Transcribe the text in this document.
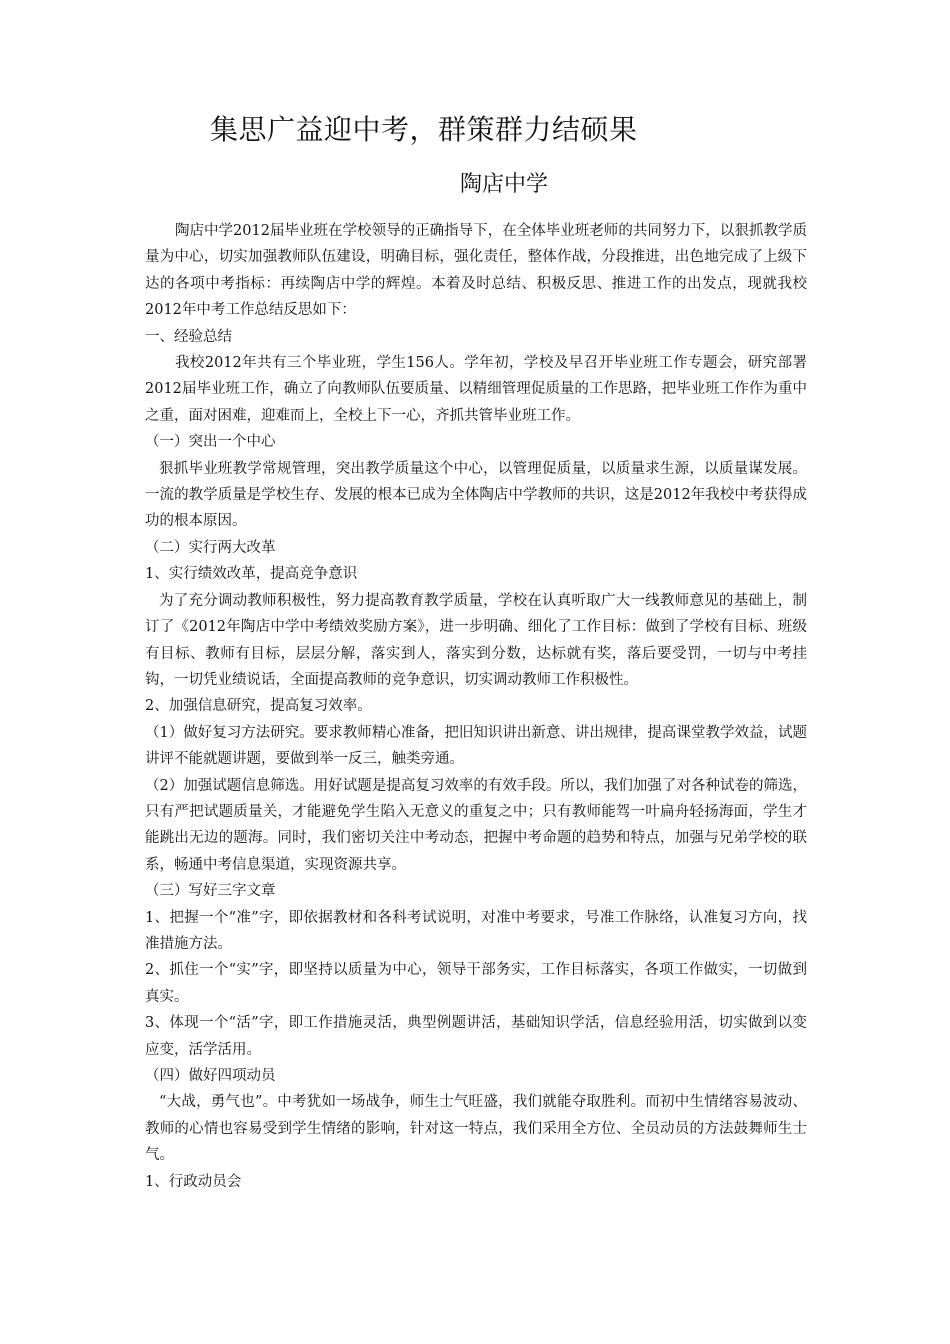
集思广益迎中考，群策群力结硕果
陶店中学

陶店中学2012届毕业班在学校领导的正确指导下，在全体毕业班老师的共同努力下，以狠抓教学质量为中心，切实加强教师队伍建设，明确目标，强化责任，整体作战，分段推进，出色地完成了上级下达的各项中考指标：再续陶店中学的辉煌。本着及时总结、积极反思、推进工作的出发点，现就我校2012年中考工作总结反思如下：

一、经验总结

我校2012年共有三个毕业班，学生156人。学年初，学校及早召开毕业班工作专题会，研究部署2012届毕业班工作，确立了向教师队伍要质量、以精细管理促质量的工作思路，把毕业班工作作为重中之重，面对困难，迎难而上，全校上下一心，齐抓共管毕业班工作。

（一）突出一个中心

狠抓毕业班教学常规管理，突出教学质量这个中心，以管理促质量，以质量求生源，以质量谋发展。一流的教学质量是学校生存、发展的根本已成为全体陶店中学教师的共识，这是2012年我校中考获得成功的根本原因。

（二）实行两大改革

1、实行绩效改革，提高竞争意识

为了充分调动教师积极性，努力提高教育教学质量，学校在认真听取广大一线教师意见的基础上，制订了《2012年陶店中学中考绩效奖励方案》，进一步明确、细化了工作目标：做到了学校有目标、班级有目标、教师有目标，层层分解，落实到人，落实到分数，达标就有奖，落后要受罚，一切与中考挂钩，一切凭业绩说话，全面提高教师的竞争意识，切实调动教师工作积极性。

2、加强信息研究，提高复习效率。

（1）做好复习方法研究。要求教师精心准备，把旧知识讲出新意、讲出规律，提高课堂教学效益，试题讲评不能就题讲题，要做到举一反三，触类旁通。

（2）加强试题信息筛选。用好试题是提高复习效率的有效手段。所以，我们加强了对各种试卷的筛选，只有严把试题质量关，才能避免学生陷入无意义的重复之中；只有教师能驾一叶扁舟轻扬海面，学生才能跳出无边的题海。同时，我们密切关注中考动态，把握中考命题的趋势和特点，加强与兄弟学校的联系，畅通中考信息渠道，实现资源共享。

（三）写好三字文章

1、把握一个“准”字，即依据教材和各科考试说明，对准中考要求，号准工作脉络，认准复习方向，找准措施方法。

2、抓住一个“实”字，即坚持以质量为中心，领导干部务实，工作目标落实，各项工作做实，一切做到真实。

3、体现一个“活”字，即工作措施灵活，典型例题讲活，基础知识学活，信息经验用活，切实做到以变应变，活学活用。

（四）做好四项动员

“大战，勇气也”。中考犹如一场战争，师生士气旺盛，我们就能夺取胜利。而初中生情绪容易波动、教师的心情也容易受到学生情绪的影响，针对这一特点，我们采用全方位、全员动员的方法鼓舞师生士气。

1、行政动员会
